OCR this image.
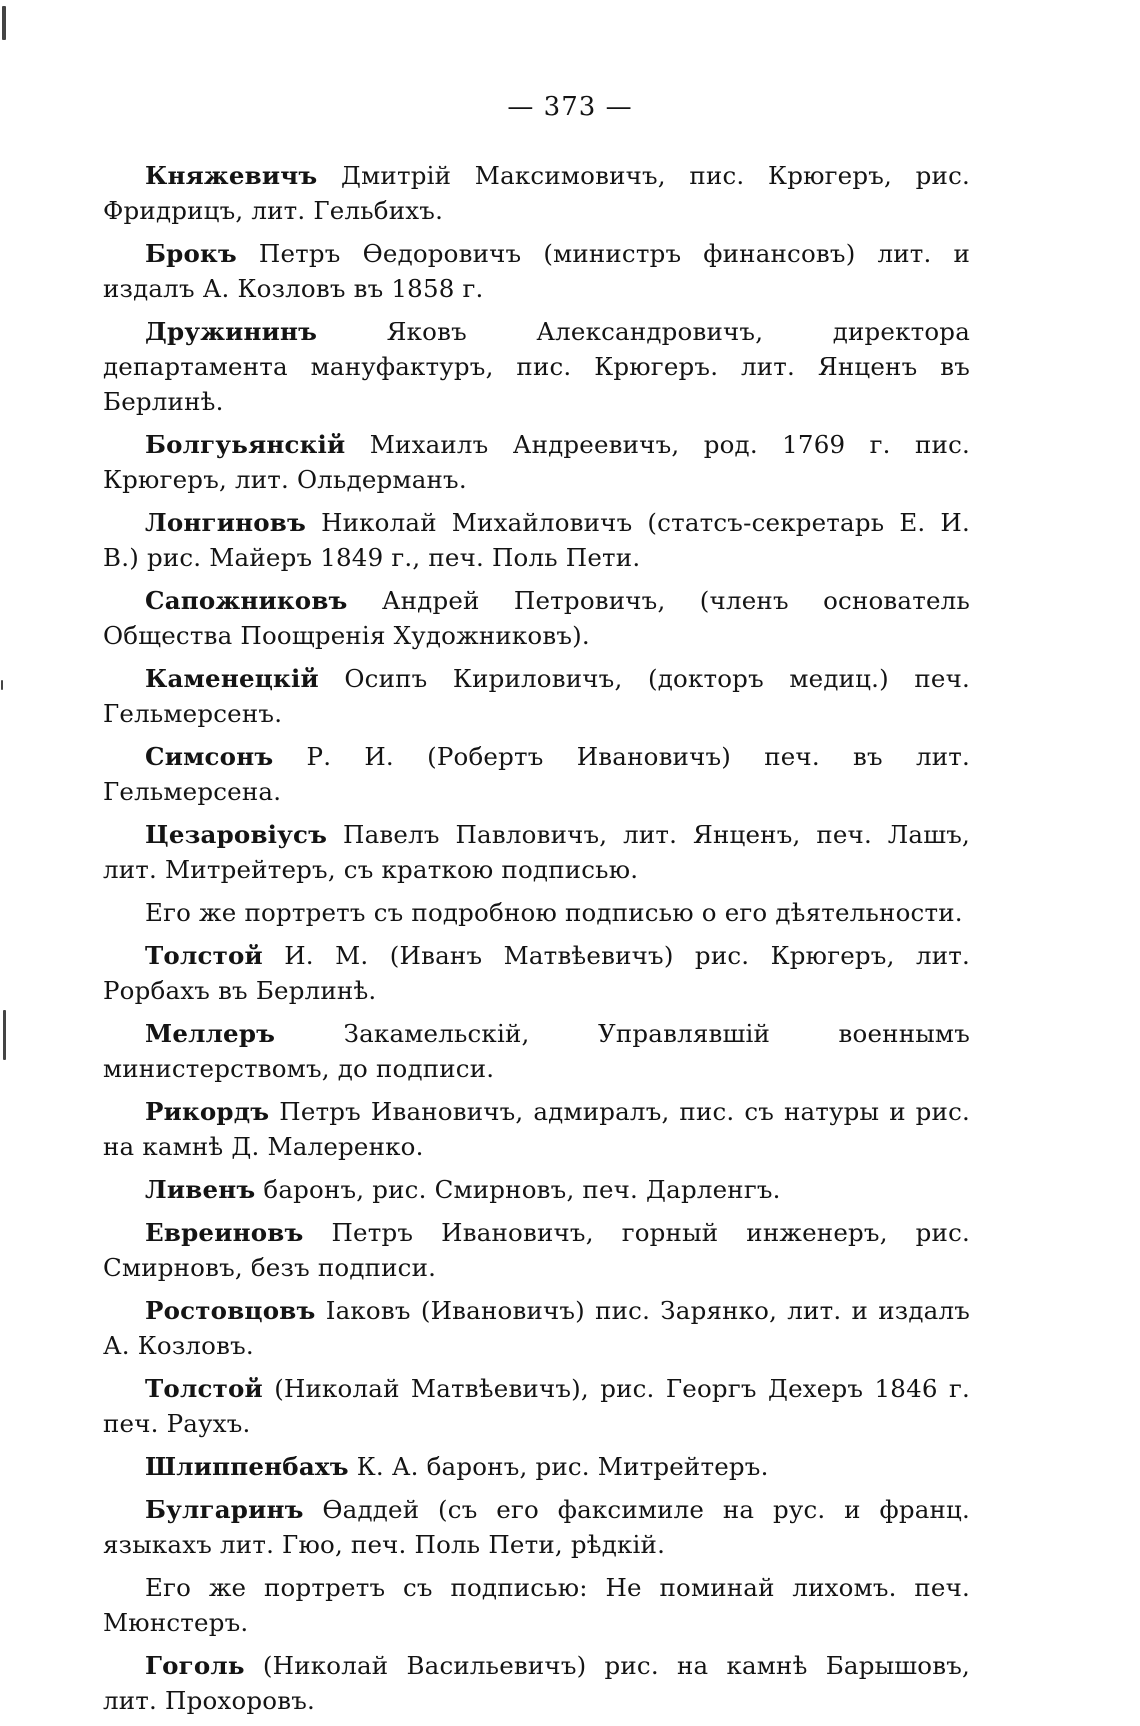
— 373 —

Княжевичъ Дмитрій Максимовичъ, пис. Крюгеръ, рис. Фридрицъ, лит. Гельбихъ.

Брокъ Петръ Өедоровичъ (министръ финансовъ) лит. и издалъ А. Козловъ въ 1858 г.

Дружининъ	Яковъ Александровичъ, директора департамента мануфактуръ, пис. Крюгеръ. лит. Янценъ въ Берлинѣ.

Болгуьянскій Михаилъ Андреевичъ, род. 1769 г. пис. Крюгеръ, лит. Ольдерманъ.

Лонгиновъ Николай Михайловичъ (статсъ-секретарь Е. И. В.) рис. Майеръ 1849 г., печ. Поль Пети.

Сапожниковъ Андрей Петровичъ, (членъ основатель Общества Поощренія Художниковъ).

Каменецкій Осипъ Кириловичъ, (докторъ медиц.) печ. Гельмерсенъ.

Симсонъ Р. И. (Робертъ Ивановичъ) печ. въ лит. Гельмерсена.

Цезаровіусъ Павелъ Павловичъ, лит. Янценъ, печ. Лашъ, лит. Митрейтеръ, съ краткою подписью.

Его же портретъ съ подробною подписью о его дѣятельности.

Толстой И. М. (Иванъ Матвѣевичъ) рис. Крюгеръ, лит. Рорбахъ въ Берлинѣ.

Меллеръ	Закамельскій, Управлявшій военнымъ министерствомъ, до подписи.

Рикордъ Петръ Ивановичъ, адмиралъ, пис. съ натуры и рис. на камнѣ Д. Малеренко.

Ливенъ баронъ, рис. Смирновъ, печ. Дарленгъ.

Евреиновъ Петръ Ивановичъ, горный инженеръ, рис. Смирновъ, безъ подписи.

Ростовцовъ Іаковъ (Ивановичъ) пис. Зарянко, лит. и издалъ А. Козловъ.

Толстой (Николай Матвѣевичъ), рис. Георгъ Дехеръ 1846 г. печ. Раухъ.

Шлиппенбахъ К. А. баронъ, рис. Митрейтеръ.

Булгаринъ Өаддей (съ его факсимиле на рус. и франц. языкахъ лит. Гюо, печ. Поль Пети, рѣдкій.

Его же портретъ съ подписью: Не поминай лихомъ. печ. Мюнстеръ.

Гоголь (Николай Васильевичъ) рис. на камнѣ Барышовъ, лит. Прохоровъ.
